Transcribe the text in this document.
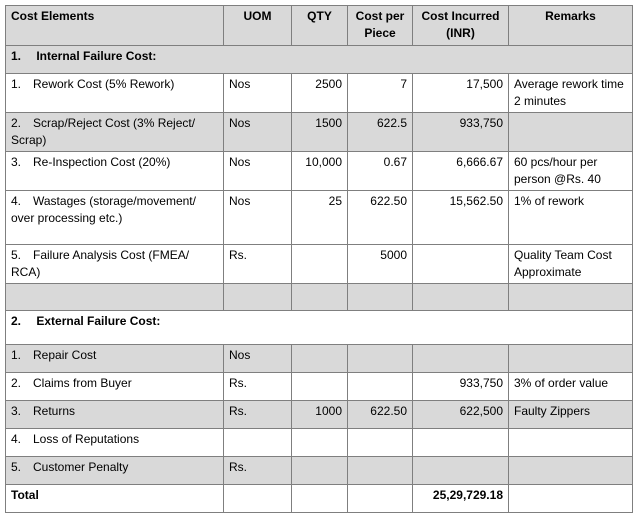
Cost Elements	UOM	QTY	Cost per Piece	Cost Incurred (INR)	Remarks
1. Internal Failure Cost:					
1. Rework Cost (5% Rework)	Nos	2500	7	17,500	Average rework time 2 minutes
2. Scrap/Reject Cost (3% Reject/ Scrap)	Nos	1500	622.5	933,750	
3. Re-Inspection Cost (20%)	Nos	10,000	0.67	6,666.67	60 pcs/hour per person @Rs. 40
4. Wastages (storage/movement/ over processing etc.)	Nos	25	622.50	15,562.50	1% of rework
5. Failure Analysis Cost (FMEA/ RCA)	Rs.		5000		Quality Team Cost Approximate

2. External Failure Cost:					
1. Repair Cost	Nos				
2. Claims from Buyer	Rs.			933,750	3% of order value
3. Returns	Rs.	1000	622.50	622,500	Faulty Zippers
4. Loss of Reputations					
5. Customer Penalty	Rs.				
Total				25,29,729.18	
